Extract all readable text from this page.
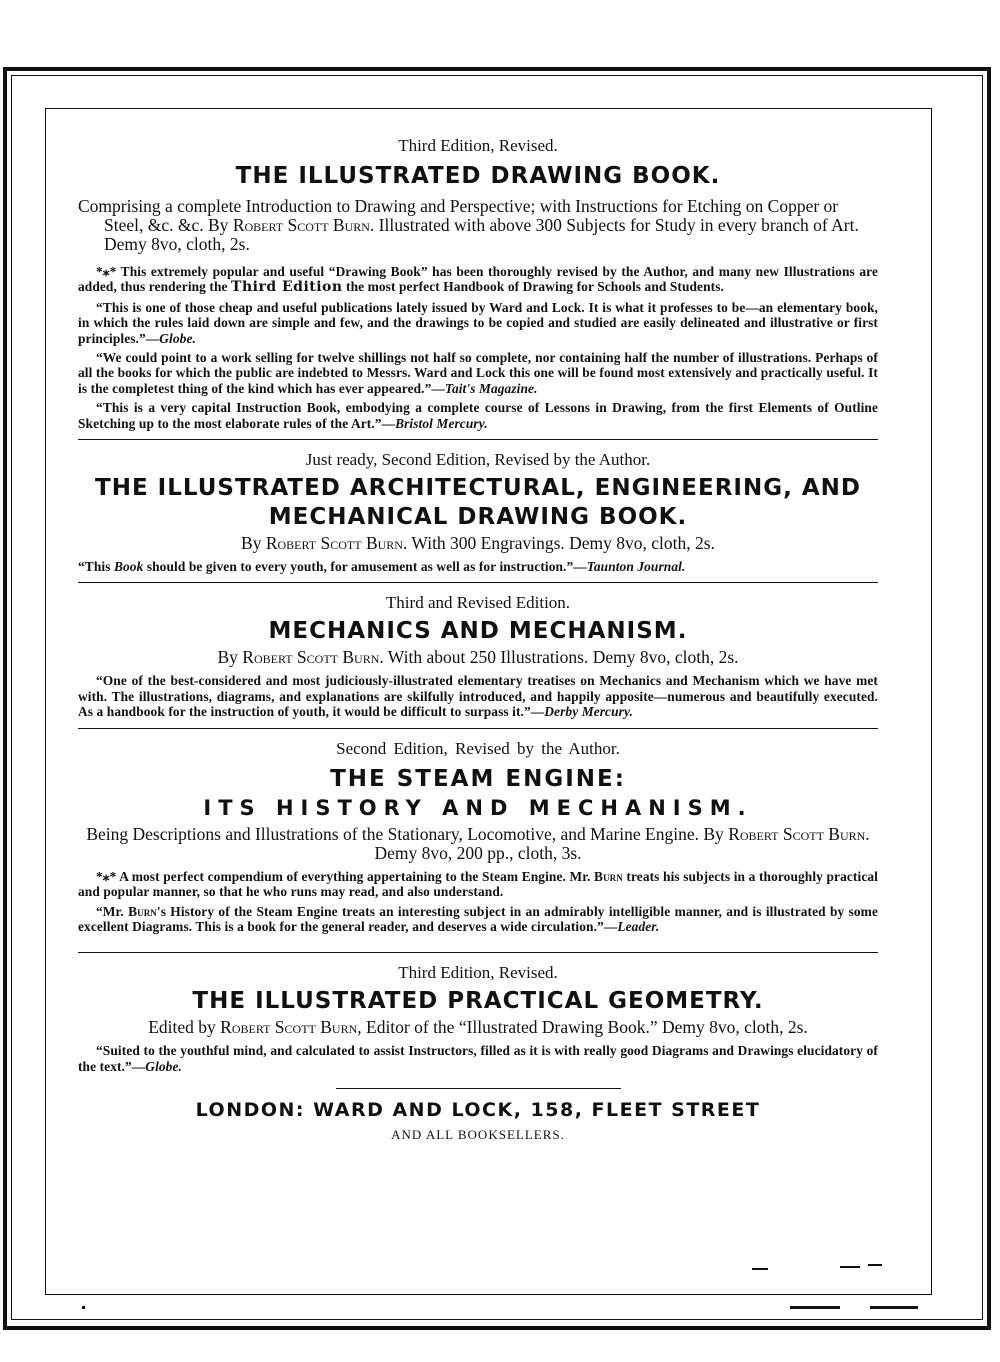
Third Edition, Revised.

THE ILLUSTRATED DRAWING BOOK.

Comprising a complete Introduction to Drawing and Perspective; with Instructions for Etching on Copper or Steel, &c. &c. By Robert Scott Burn. Illustrated with above 300 Subjects for Study in every branch of Art. Demy 8vo, cloth, 2s.

*⁎* This extremely popular and useful “Drawing Book” has been thoroughly revised by the Author, and many new Illustrations are added, thus rendering the Third Edition the most perfect Handbook of Drawing for Schools and Students.

“This is one of those cheap and useful publications lately issued by Ward and Lock. It is what it professes to be—an elementary book, in which the rules laid down are simple and few, and the drawings to be copied and studied are easily delineated and illustrative or first principles.”—Globe.

“We could point to a work selling for twelve shillings not half so complete, nor containing half the number of illustrations. Perhaps of all the books for which the public are indebted to Messrs. Ward and Lock this one will be found most extensively and practically useful. It is the completest thing of the kind which has ever appeared.”—Tait's Magazine.

“This is a very capital Instruction Book, embodying a complete course of Lessons in Drawing, from the first Elements of Outline Sketching up to the most elaborate rules of the Art.”—Bristol Mercury.

Just ready, Second Edition, Revised by the Author.

THE ILLUSTRATED ARCHITECTURAL, ENGINEERING, AND
MECHANICAL DRAWING BOOK.

By Robert Scott Burn. With 300 Engravings. Demy 8vo, cloth, 2s.

“This Book should be given to every youth, for amusement as well as for instruction.”—Taunton Journal.

Third and Revised Edition.

MECHANICS AND MECHANISM.

By Robert Scott Burn. With about 250 Illustrations. Demy 8vo, cloth, 2s.

“One of the best-considered and most judiciously-illustrated elementary treatises on Mechanics and Mechanism which we have met with. The illustrations, diagrams, and explanations are skilfully introduced, and happily apposite—numerous and beautifully executed. As a handbook for the instruction of youth, it would be difficult to surpass it.”—Derby Mercury.

Second Edition, Revised by the Author.

THE STEAM ENGINE:
ITS HISTORY AND MECHANISM.

Being Descriptions and Illustrations of the Stationary, Locomotive, and Marine Engine. By Robert Scott Burn. Demy 8vo, 200 pp., cloth, 3s.

*⁎* A most perfect compendium of everything appertaining to the Steam Engine. Mr. Burn treats his subjects in a thoroughly practical and popular manner, so that he who runs may read, and also understand.

“Mr. Burn's History of the Steam Engine treats an interesting subject in an admirably intelligible manner, and is illustrated by some excellent Diagrams. This is a book for the general reader, and deserves a wide circulation.”—Leader.

Third Edition, Revised.

THE ILLUSTRATED PRACTICAL GEOMETRY.

Edited by Robert Scott Burn, Editor of the “Illustrated Drawing Book.” Demy 8vo, cloth, 2s.

“Suited to the youthful mind, and calculated to assist Instructors, filled as it is with really good Diagrams and Drawings elucidatory of the text.”—Globe.

LONDON: WARD AND LOCK, 158, FLEET STREET

AND ALL BOOKSELLERS.
